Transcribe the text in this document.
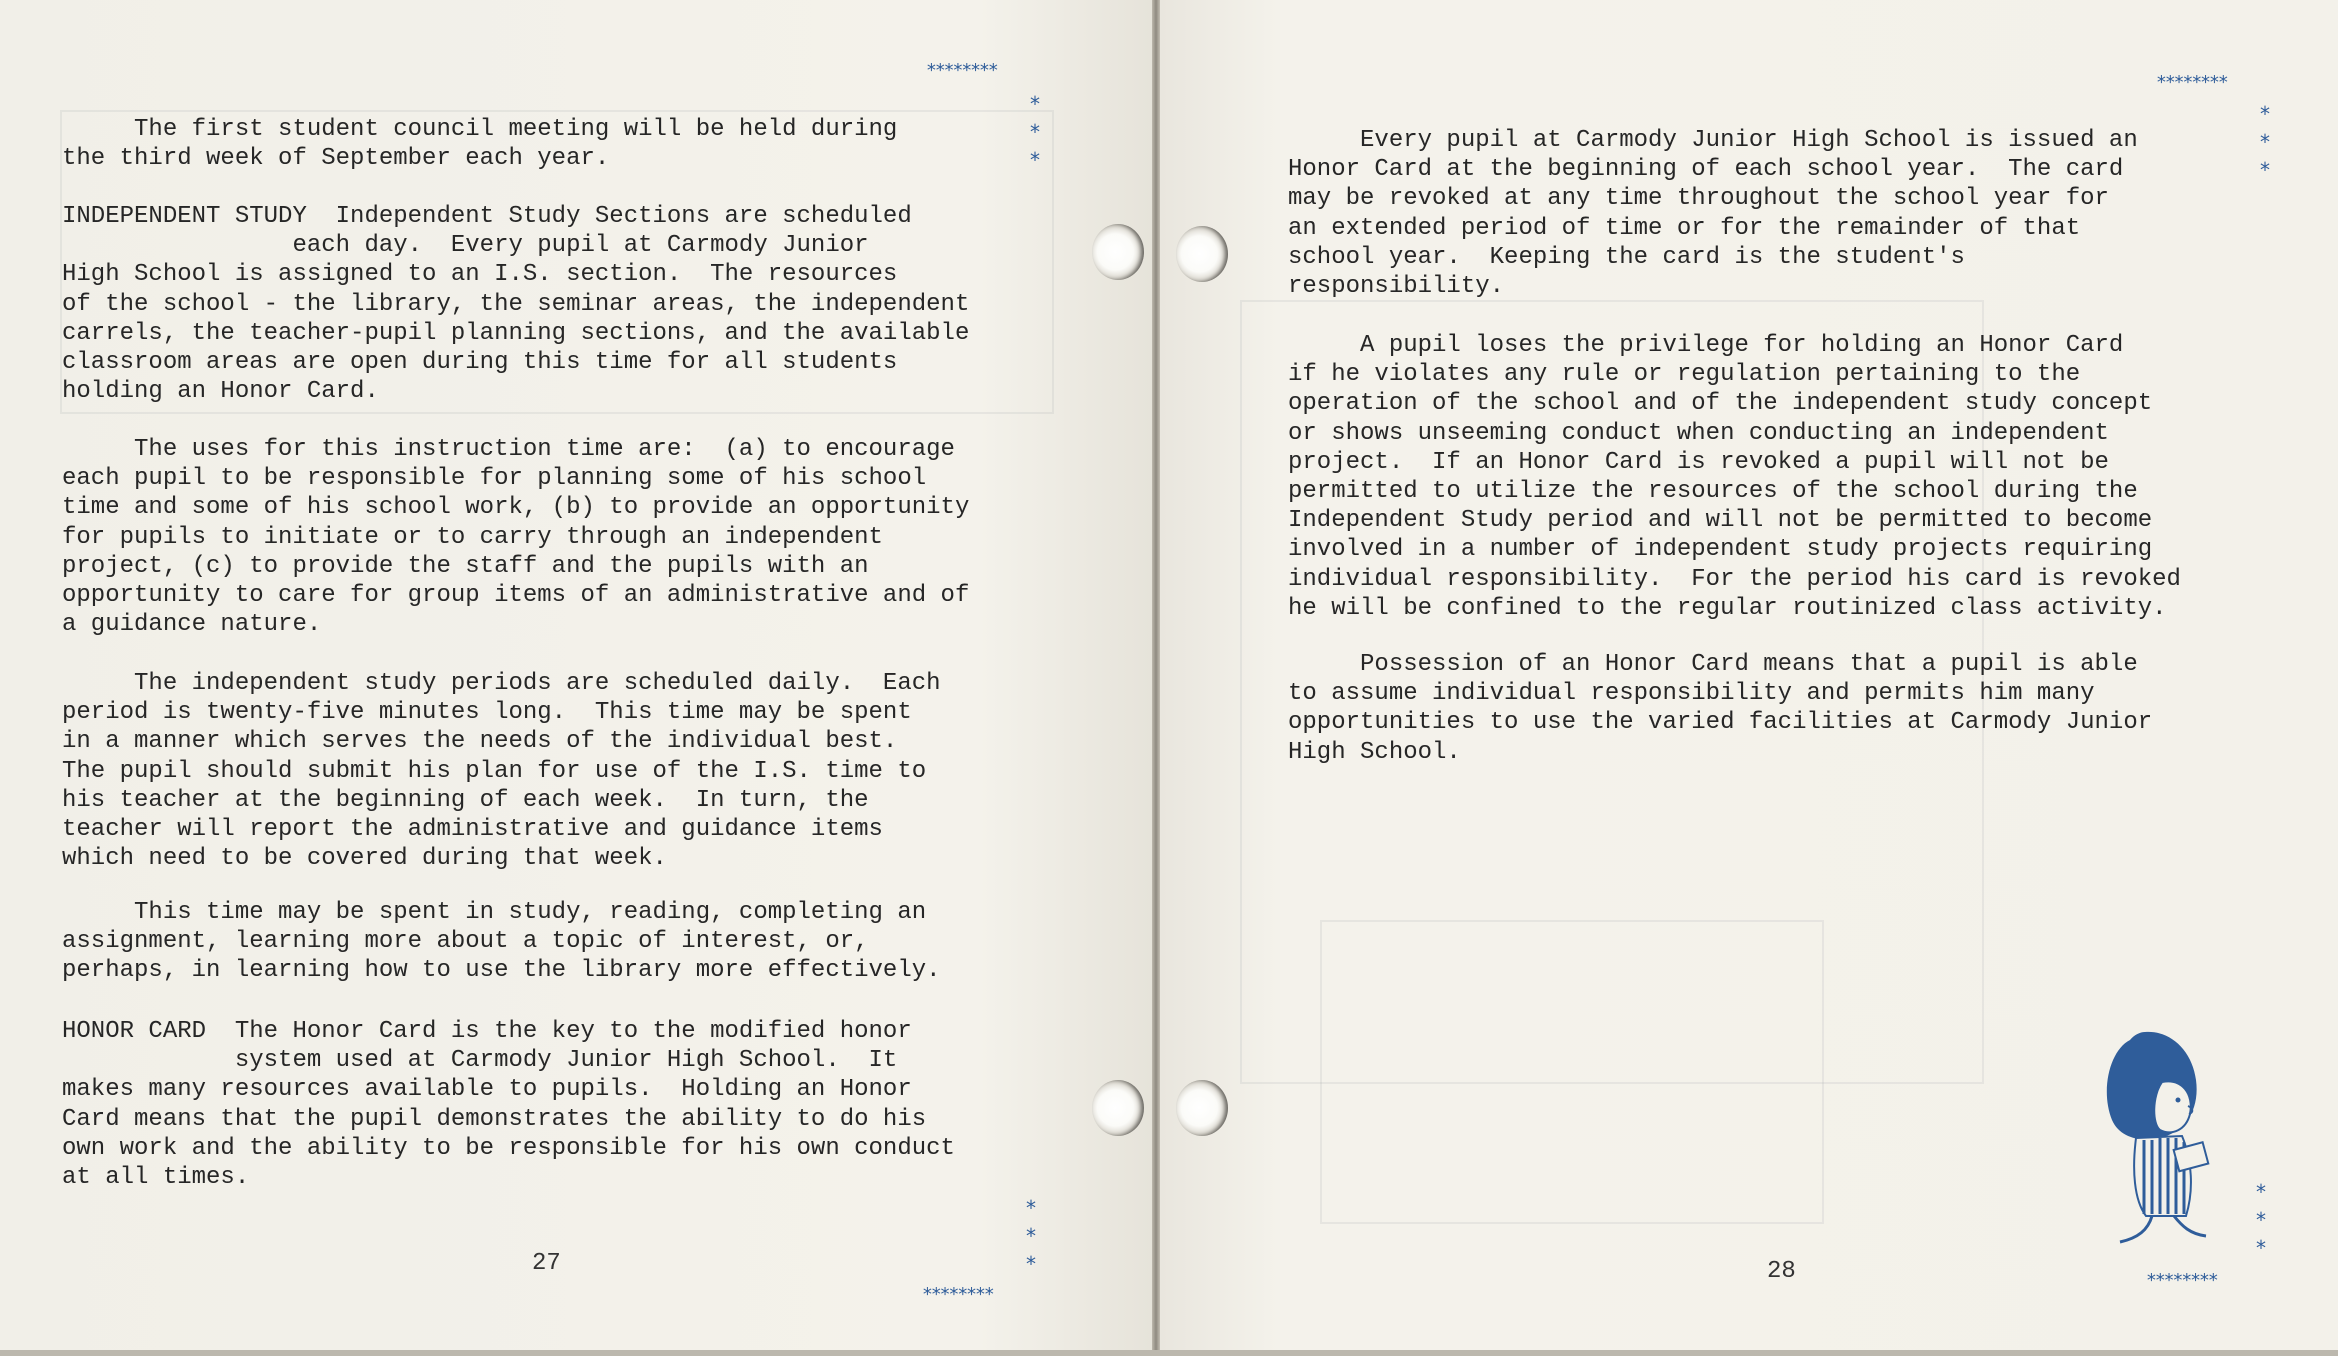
********
*
*
*
The first student council meeting will be held during
the third week of September each year.
INDEPENDENT STUDY  Independent Study Sections are scheduled
each day.  Every pupil at Carmody Junior
High School is assigned to an I.S. section.  The resources
of the school - the library, the seminar areas, the independent
carrels, the teacher-pupil planning sections, and the available
classroom areas are open during this time for all students
holding an Honor Card.
The uses for this instruction time are:  (a) to encourage
each pupil to be responsible for planning some of his school
time and some of his school work, (b) to provide an opportunity
for pupils to initiate or to carry through an independent
project, (c) to provide the staff and the pupils with an
opportunity to care for group items of an administrative and of
a guidance nature.
The independent study periods are scheduled daily.  Each
period is twenty-five minutes long.  This time may be spent
in a manner which serves the needs of the individual best.
The pupil should submit his plan for use of the I.S. time to
his teacher at the beginning of each week.  In turn, the
teacher will report the administrative and guidance items
which need to be covered during that week.
This time may be spent in study, reading, completing an
assignment, learning more about a topic of interest, or,
perhaps, in learning how to use the library more effectively.
HONOR CARD  The Honor Card is the key to the modified honor
system used at Carmody Junior High School.  It
makes many resources available to pupils.  Holding an Honor
Card means that the pupil demonstrates the ability to do his
own work and the ability to be responsible for his own conduct
at all times.
27
*
*
*
********
********
*
*
*
Every pupil at Carmody Junior High School is issued an
Honor Card at the beginning of each school year.  The card
may be revoked at any time throughout the school year for
an extended period of time or for the remainder of that
school year.  Keeping the card is the student's
responsibility.
A pupil loses the privilege for holding an Honor Card
if he violates any rule or regulation pertaining to the
operation of the school and of the independent study concept
or shows unseeming conduct when conducting an independent
project.  If an Honor Card is revoked a pupil will not be
permitted to utilize the resources of the school during the
Independent Study period and will not be permitted to become
involved in a number of independent study projects requiring
individual responsibility.  For the period his card is revoked
he will be confined to the regular routinized class activity.
Possession of an Honor Card means that a pupil is able
to assume individual responsibility and permits him many
opportunities to use the varied facilities at Carmody Junior
High School.
28
*
*
*
********
